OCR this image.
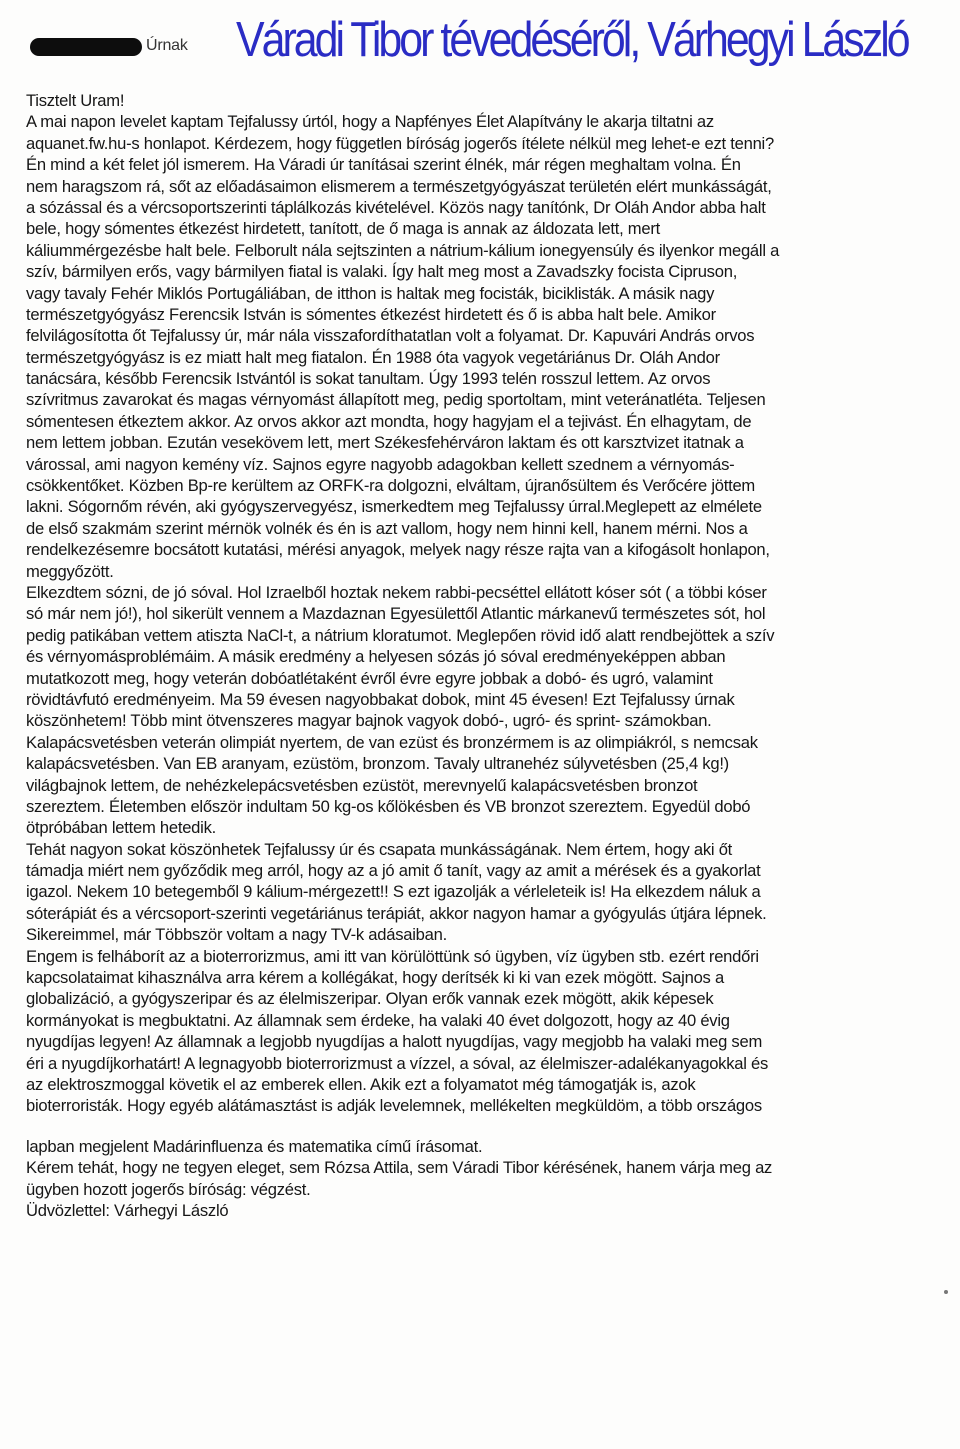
Úrnak Váradi Tibor tévedéséről, Várhegyi László
Tisztelt Uram!
A mai napon levelet kaptam Tejfalussy úrtól, hogy a Napfényes Élet Alapítvány le akarja tiltatni az
aquanet.fw.hu-s honlapot. Kérdezem, hogy független bíróság jogerős ítélete nélkül meg lehet-e ezt tenni?
Én mind a két felet jól ismerem. Ha Váradi úr tanításai szerint élnék, már régen meghaltam volna. Én
nem haragszom rá, sőt az előadásaimon elismerem a természetgyógyászat területén elért munkásságát,
a sózással és a vércsoportszerinti táplálkozás kivételével. Közös nagy tanítónk, Dr Oláh Andor abba halt
bele, hogy sómentes étkezést hirdetett, tanított, de ő maga is annak az áldozata lett, mert
káliummérgezésbe halt bele. Felborult nála sejtszinten a nátrium-kálium ionegyensúly és ilyenkor megáll a
szív, bármilyen erős, vagy bármilyen fiatal is valaki. Így halt meg most a Zavadszky focista Cipruson,
vagy tavaly Fehér Miklós Portugáliában, de itthon is haltak meg focisták, biciklisták. A másik nagy
természetgyógyász Ferencsik István is sómentes étkezést hirdetett és ő is abba halt bele. Amikor
felvilágosította őt Tejfalussy úr, már nála visszafordíthatatlan volt a folyamat. Dr. Kapuvári András orvos
természetgyógyász is ez miatt halt meg fiatalon. Én 1988 óta vagyok vegetáriánus Dr. Oláh Andor
tanácsára, később Ferencsik Istvántól is sokat tanultam. Úgy 1993 telén rosszul lettem. Az orvos
szívritmus zavarokat és magas vérnyomást állapított meg, pedig sportoltam, mint veteránatléta. Teljesen
sómentesen étkeztem akkor. Az orvos akkor azt mondta, hogy hagyjam el a tejivást. Én elhagytam, de
nem lettem jobban. Ezután vesekövem lett, mert Székesfehérváron laktam és ott karsztvizet itatnak a
várossal, ami nagyon kemény víz. Sajnos egyre nagyobb adagokban kellett szednem a vérnyomás-
csökkentőket. Közben Bp-re kerültem az ORFK-ra dolgozni, elváltam, újranősültem és Verőcére jöttem
lakni. Sógornőm révén, aki gyógyszervegyész, ismerkedtem meg Tejfalussy úrral.Meglepett az elmélete
de első szakmám szerint mérnök volnék és én is azt vallom, hogy nem hinni kell, hanem mérni. Nos a
rendelkezésemre bocsátott kutatási, mérési anyagok, melyek nagy része rajta van a kifogásolt honlapon,
meggyőzött.
Elkezdtem sózni, de jó sóval. Hol Izraelből hoztak nekem rabbi-pecséttel ellátott kóser sót ( a többi kóser
só már nem jó!), hol sikerült vennem a Mazdaznan Egyesülettől Atlantic márkanevű természetes sót, hol
pedig patikában vettem atiszta NaCl-t, a nátrium kloratumot. Meglepően rövid idő alatt rendbejöttek a szív
és vérnyomásproblémáim. A másik eredmény a helyesen sózás jó sóval eredményeképpen abban
mutatkozott meg, hogy veterán dobóatlétaként évről évre egyre jobbak a dobó- és ugró, valamint
rövidtávfutó eredményeim. Ma 59 évesen nagyobbakat dobok, mint 45 évesen! Ezt Tejfalussy úrnak
köszönhetem! Több mint ötvenszeres magyar bajnok vagyok dobó-, ugró- és sprint- számokban.
Kalapácsvetésben veterán olimpiát nyertem, de van ezüst és bronzérmem is az olimpiákról, s nemcsak
kalapácsvetésben. Van EB aranyam, ezüstöm, bronzom. Tavaly ultranehéz súlyvetésben (25,4 kg!)
világbajnok lettem, de nehézkelepácsvetésben ezüstöt, merevnyelű kalapácsvetésben bronzot
szereztem. Életemben először indultam 50 kg-os kőlökésben és VB bronzot szereztem. Egyedül dobó
ötpróbában lettem hetedik.
Tehát nagyon sokat köszönhetek Tejfalussy úr és csapata munkásságának. Nem értem, hogy aki őt
támadja miért nem győződik meg arról, hogy az a jó amit ő tanít, vagy az amit a mérések és a gyakorlat
igazol. Nekem 10 betegemből 9 kálium-mérgezett!! S ezt igazolják a vérleleteik is! Ha elkezdem náluk a
sóterápiát és a vércsoport-szerinti vegetáriánus terápiát, akkor nagyon hamar a gyógyulás útjára lépnek.
Sikereimmel, már Többször voltam a nagy TV-k adásaiban.
Engem is felháborít az a bioterrorizmus, ami itt van körülöttünk só ügyben, víz ügyben stb. ezért rendőri
kapcsolataimat kihasználva arra kérem a kollégákat, hogy derítsék ki ki van ezek mögött. Sajnos a
globalizáció, a gyógyszeripar és az élelmiszeripar. Olyan erők vannak ezek mögött, akik képesek
kormányokat is megbuktatni. Az államnak sem érdeke, ha valaki 40 évet dolgozott, hogy az 40 évig
nyugdíjas legyen! Az államnak a legjobb nyugdíjas a halott nyugdíjas, vagy megjobb ha valaki meg sem
éri a nyugdíjkorhatárt! A legnagyobb bioterrorizmust a vízzel, a sóval, az élelmiszer-adalékanyagokkal és
az elektroszmoggal követik el az emberek ellen. Akik ezt a folyamatot még támogatják is, azok
bioterroristák. Hogy egyéb alátámasztást is adják levelemnek, mellékelten megküldöm, a több országos
lapban megjelent Madárinfluenza és matematika című írásomat.
Kérem tehát, hogy ne tegyen eleget, sem Rózsa Attila, sem Váradi Tibor kérésének, hanem várja meg az
ügyben hozott jogerős bíróság: végzést.
Üdvözlettel: Várhegyi László
